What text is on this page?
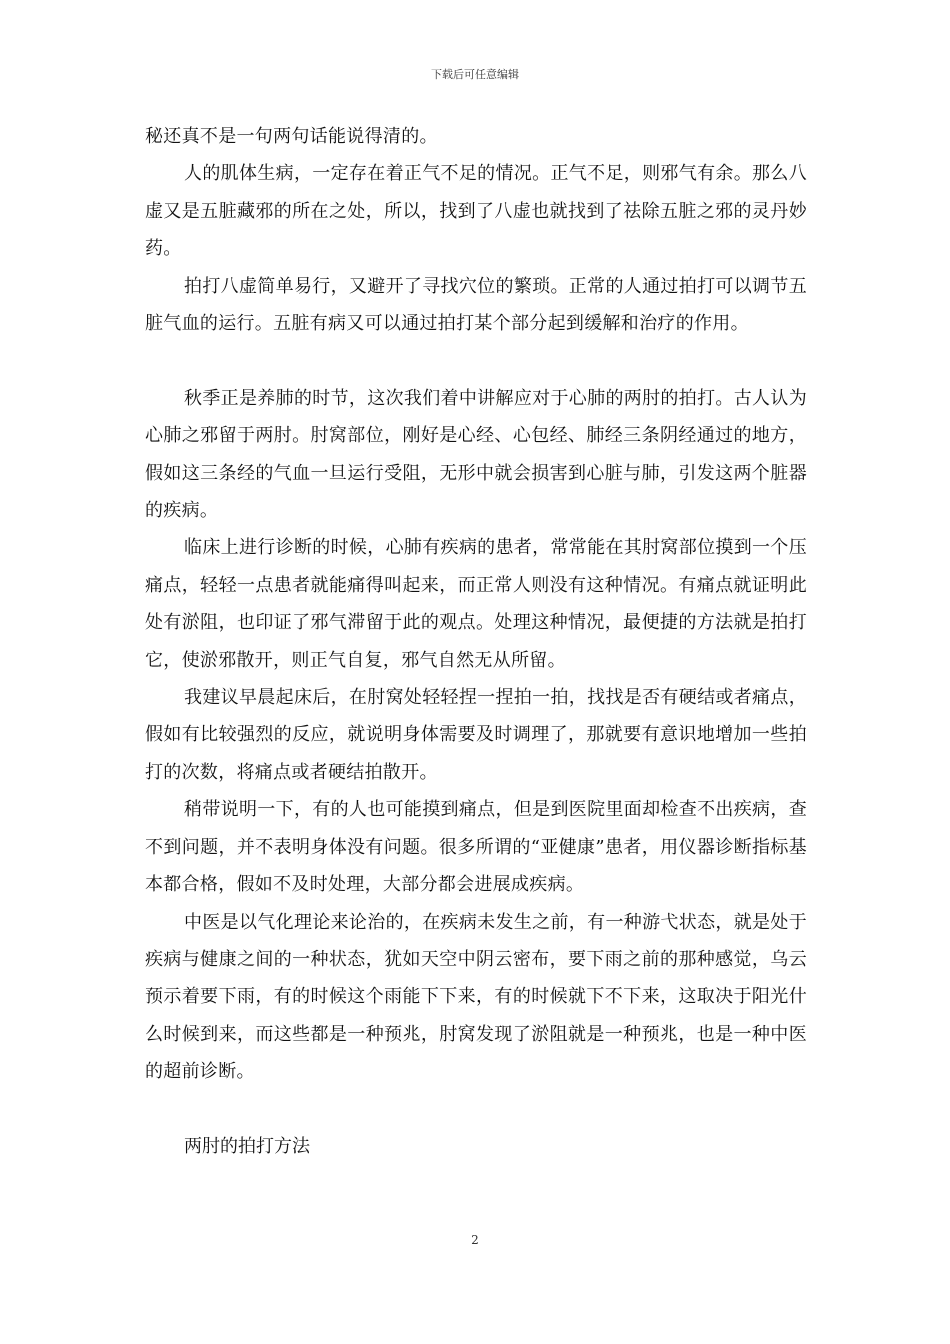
下载后可任意编辑

秘还真不是一句两句话能说得清的。

人的肌体生病，一定存在着正气不足的情况。正气不足，则邪气有余。那么八虚又是五脏藏邪的所在之处，所以，找到了八虚也就找到了祛除五脏之邪的灵丹妙药。

拍打八虚简单易行，又避开了寻找穴位的繁琐。正常的人通过拍打可以调节五脏气血的运行。五脏有病又可以通过拍打某个部分起到缓解和治疗的作用。

秋季正是养肺的时节，这次我们着中讲解应对于心肺的两肘的拍打。古人认为心肺之邪留于两肘。肘窝部位，刚好是心经、心包经、肺经三条阴经通过的地方，假如这三条经的气血一旦运行受阻，无形中就会损害到心脏与肺，引发这两个脏器的疾病。

临床上进行诊断的时候，心肺有疾病的患者，常常能在其肘窝部位摸到一个压痛点，轻轻一点患者就能痛得叫起来，而正常人则没有这种情况。有痛点就证明此处有淤阻，也印证了邪气滞留于此的观点。处理这种情况，最便捷的方法就是拍打它，使淤邪散开，则正气自复，邪气自然无从所留。

我建议早晨起床后，在肘窝处轻轻捏一捏拍一拍，找找是否有硬结或者痛点，假如有比较强烈的反应，就说明身体需要及时调理了，那就要有意识地增加一些拍打的次数，将痛点或者硬结拍散开。

稍带说明一下，有的人也可能摸到痛点，但是到医院里面却检查不出疾病，查不到问题，并不表明身体没有问题。很多所谓的“亚健康”患者，用仪器诊断指标基本都合格，假如不及时处理，大部分都会进展成疾病。

中医是以气化理论来论治的，在疾病未发生之前，有一种游弋状态，就是处于疾病与健康之间的一种状态，犹如天空中阴云密布，要下雨之前的那种感觉，乌云预示着要下雨，有的时候这个雨能下下来，有的时候就下不下来，这取决于阳光什么时候到来，而这些都是一种预兆，肘窝发现了淤阻就是一种预兆，也是一种中医的超前诊断。

两肘的拍打方法

2
